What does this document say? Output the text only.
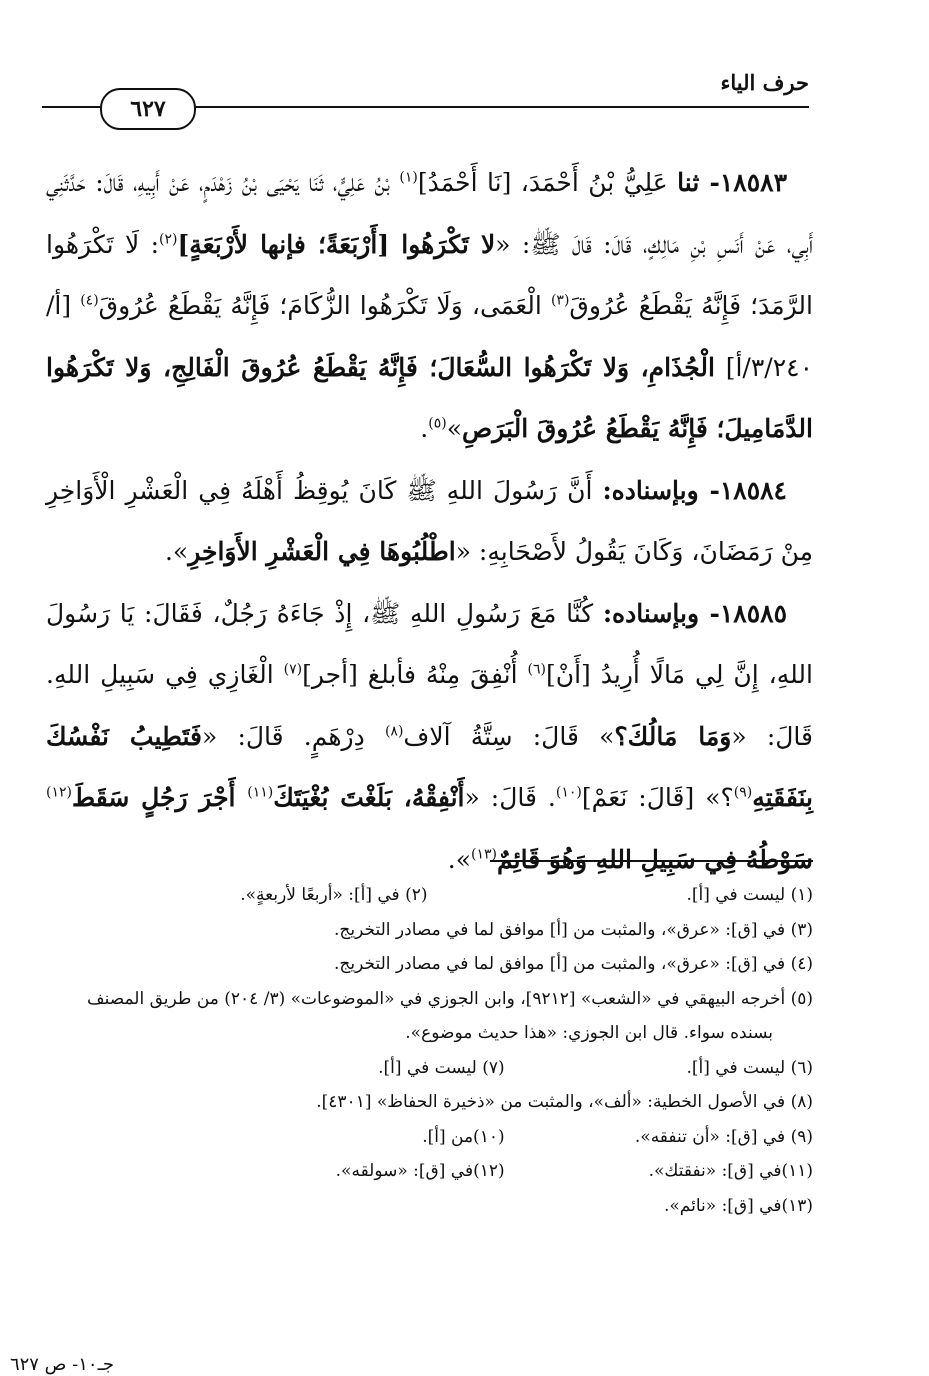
حرف الياء
٦٢٧

١٨٥٨٣- ثنا عَلِيُّ بْنُ أَحْمَدَ، [نَا أَحْمَدُ]$^{(١)}$ بْنُ عَلِيٍّ، ثَنَا يَحْيَى بْنُ زَهْدَمٍ، عَنْ أَبِيهِ، قَالَ: حَدَّثَنِي أَبِي، عَنْ أَنَسِ بْنِ مَالِكٍ، قَالَ: قَالَ ﷺ: «لا تَكْرَهُوا [أَرْبَعَةً؛ فإنها لأَرْبَعَةٍ]$^{(٢)}$: لَا تَكْرَهُوا الرَّمَدَ؛ فَإِنَّهُ يَقْطَعُ عُرُوقَ$^{(٣)}$ الْعَمَى، وَلَا تَكْرَهُوا الزُّكَامَ؛ فَإِنَّهُ يَقْطَعُ عُرُوقَ$^{(٤)}$ [أ/٣/٢٤٠/أ] الْجُذَامِ، وَلا تَكْرَهُوا السُّعَالَ؛ فَإِنَّهُ يَقْطَعُ عُرُوقَ الْفَالِجِ، وَلا تَكْرَهُوا الدَّمَامِيلَ؛ فَإِنَّهُ يَقْطَعُ عُرُوقَ الْبَرَصِ»$^{(٥)}$.

١٨٥٨٤- وبإسناده: أَنَّ رَسُولَ اللهِ ﷺ كَانَ يُوقِظُ أَهْلَهُ فِي الْعَشْرِ الْأَوَاخِرِ مِنْ رَمَضَانَ، وَكَانَ يَقُولُ لأَصْحَابِهِ: «اطْلُبُوهَا فِي الْعَشْرِ الأَوَاخِرِ».

١٨٥٨٥- وبإسناده: كُنَّا مَعَ رَسُولِ اللهِ ﷺ، إِذْ جَاءَهُ رَجُلٌ، فَقَالَ: يَا رَسُولَ اللهِ، إِنَّ لِي مَالًا أُرِيدُ [أَنْ]$^{(٦)}$ أُنْفِقَ مِنْهُ فأبلغ [أجر]$^{(٧)}$ الْغَازِي فِي سَبِيلِ اللهِ. قَالَ: «وَمَا مَالُكَ؟» قَالَ: سِتَّةُ آلاف$^{(٨)}$ دِرْهَمٍ. قَالَ: «فَتَطِيبُ نَفْسُكَ بِنَفَقَتِهِ$^{(٩)}$؟» [قَالَ: نَعَمْ]$^{(١٠)}$. قَالَ: «أَنْفِقْهُ، بَلَغْتَ بُغْيَتَكَ$^{(١١)}$ أَجْرَ رَجُلٍ سَقَطَ$^{(١٢)}$ سَوْطُهُ فِي سَبِيلِ اللهِ وَهُوَ قَائِمٌ$^{(١٣)}$».

(١) ليست في [أ].
(٢) في [أ]: «أربعًا لأربعةٍ».
(٣) في [ق]: «عرق»، والمثبت من [أ] موافق لما في مصادر التخريج.
(٤) في [ق]: «عرق»، والمثبت من [أ] موافق لما في مصادر التخريج.
(٥) أخرجه البيهقي في «الشعب» [٩٢١٢]، وابن الجوزي في «الموضوعات» (٣/ ٢٠٤) من طريق المصنف بسنده سواء. قال ابن الجوزي: «هذا حديث موضوع».
(٦) ليست في [أ].
(٧) ليست في [أ].
(٨) في الأصول الخطية: «ألف»، والمثبت من «ذخيرة الحفاظ» [٤٣٠١].
(٩) في [ق]: «أن تنفقه».
(١٠)من [أ].
(١١)في [ق]: «نفقتك».
(١٢)في [ق]: «سولقه».
(١٣)في [ق]: «نائم».
جـ١٠- ص ٦٢٧
